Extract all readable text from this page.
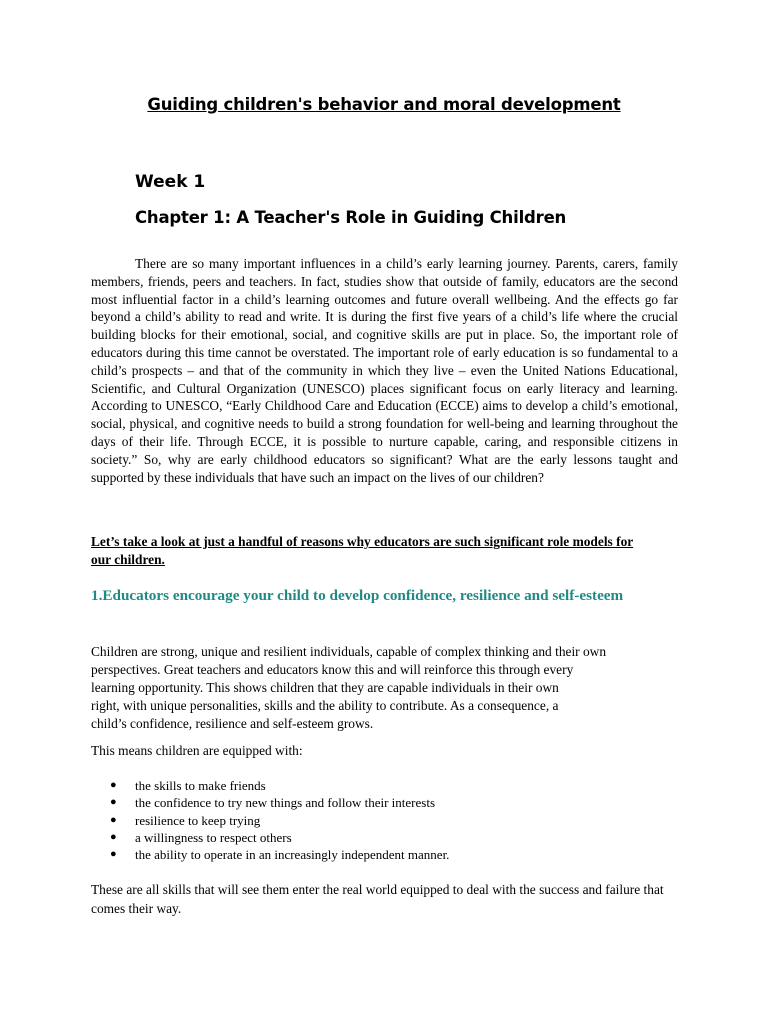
Guiding children's behavior and moral development
Week 1
Chapter 1: A Teacher's Role in Guiding Children

There are so many important influences in a child’s early learning journey. Parents, carers, family members, friends, peers and teachers. In fact, studies show that outside of family, educators are the second most influential factor in a child’s learning outcomes and future overall wellbeing. And the effects go far beyond a child’s ability to read and write. It is during the first five years of a child’s life where the crucial building blocks for their emotional, social, and cognitive skills are put in place. So, the important role of educators during this time cannot be overstated. The important role of early education is so fundamental to a child’s prospects – and that of the community in which they live – even the United Nations Educational, Scientific, and Cultural Organization (UNESCO) places significant focus on early literacy and learning. According to UNESCO, “Early Childhood Care and Education (ECCE) aims to develop a child’s emotional, social, physical, and cognitive needs to build a strong foundation for well-being and learning throughout the days of their life. Through ECCE, it is possible to nurture capable, caring, and responsible citizens in society.” So, why are early childhood educators so significant? What are the early lessons taught and supported by these individuals that have such an impact on the lives of our children?

Let’s take a look at just a handful of reasons why educators are such significant role models for our children.

1.Educators encourage your child to develop confidence, resilience and self-esteem

Children are strong, unique and resilient individuals, capable of complex thinking and their own
perspectives. Great teachers and educators know this and will reinforce this through every
learning opportunity. This shows children that they are capable individuals in their own
right, with unique personalities, skills and the ability to contribute. As a consequence, a
child’s confidence, resilience and self-esteem grows.

This means children are equipped with:

● the skills to make friends
● the confidence to try new things and follow their interests
● resilience to keep trying
● a willingness to respect others
● the ability to operate in an increasingly independent manner.

These are all skills that will see them enter the real world equipped to deal with the success and failure that comes their way.
